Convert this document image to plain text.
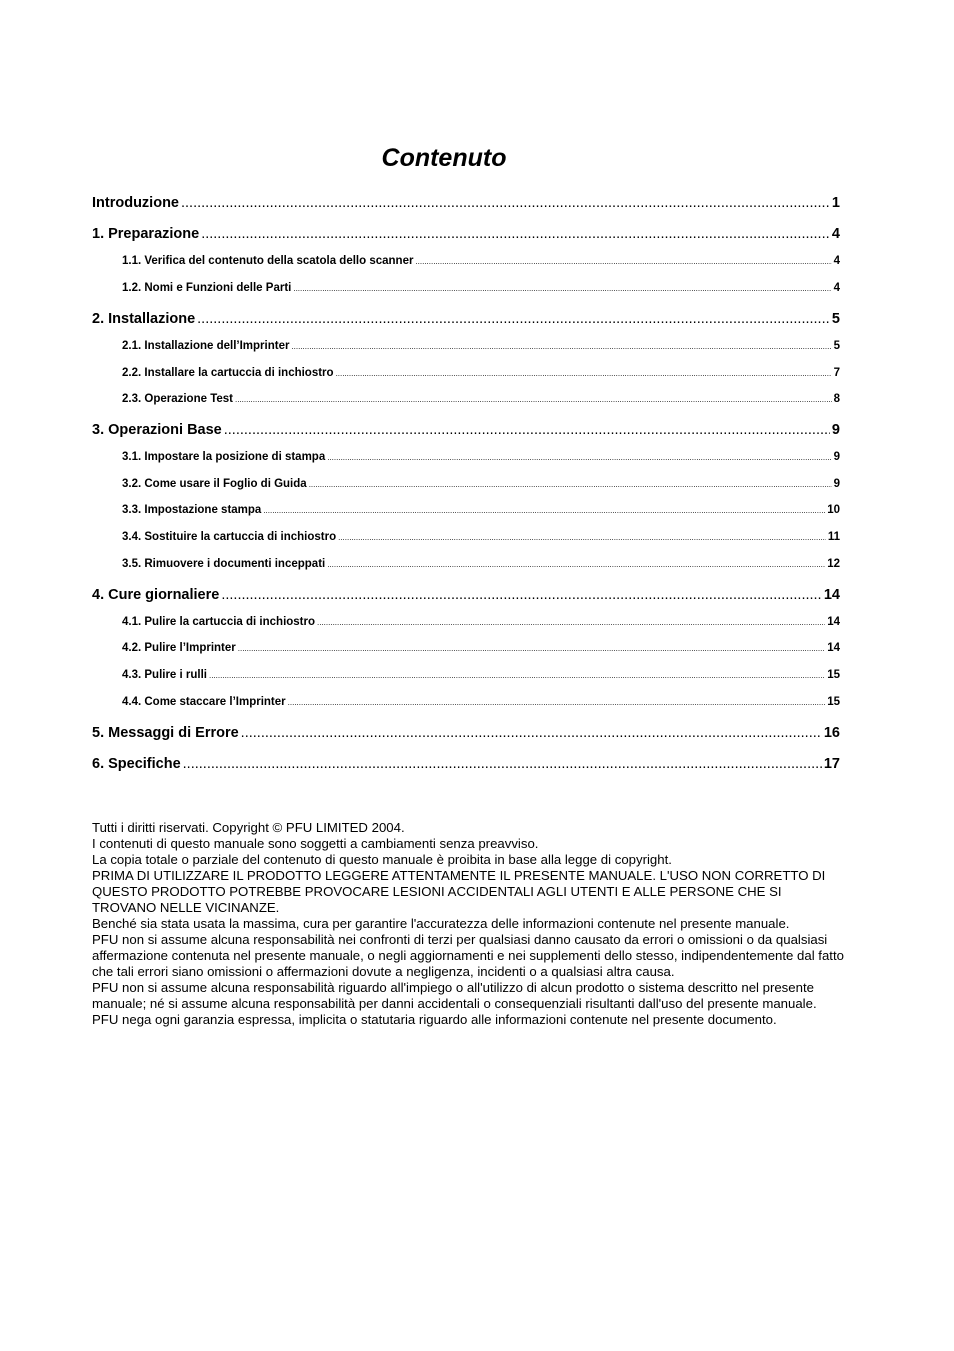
Contenuto
Introduzione .....	1
1. Preparazione .....	4
1.1. Verifica del contenuto della scatola dello scanner .....	4
1.2. Nomi e Funzioni delle Parti .....	4
2. Installazione .....	5
2.1. Installazione dell’Imprinter .....	5
2.2. Installare la cartuccia di inchiostro .....	7
2.3. Operazione Test .....	8
3. Operazioni Base .....	9
3.1. Impostare la posizione di stampa .....	9
3.2. Come usare il Foglio di Guida .....	9
3.3. Impostazione stampa .....	10
3.4. Sostituire la cartuccia di inchiostro .....	11
3.5. Rimuovere i documenti inceppati .....	12
4. Cure giornaliere .....	14
4.1. Pulire la cartuccia di inchiostro .....	14
4.2. Pulire l’Imprinter .....	14
4.3. Pulire i rulli .....	15
4.4. Come staccare l’Imprinter .....	15
5. Messaggi di Errore .....	16
6. Specifiche .....	17

Tutti i diritti riservati. Copyright © PFU LIMITED 2004.

I contenuti di questo manuale sono soggetti a cambiamenti senza preavviso.

La copia totale o parziale del contenuto di questo manuale è proibita in base alla legge di copyright.

PRIMA DI UTILIZZARE IL PRODOTTO LEGGERE ATTENTAMENTE IL PRESENTE MANUALE. L'USO NON CORRETTO DI QUESTO PRODOTTO POTREBBE PROVOCARE LESIONI ACCIDENTALI AGLI UTENTI E ALLE PERSONE CHE SI TROVANO NELLE VICINANZE.

Benché sia stata usata la massima, cura per garantire l'accuratezza delle informazioni contenute nel presente manuale.

PFU non si assume alcuna responsabilità nei confronti di terzi per qualsiasi danno causato da errori o omissioni o da qualsiasi affermazione contenuta nel presente manuale, o negli aggiornamenti e nei supplementi dello stesso, indipendentemente dal fatto che tali errori siano omissioni o affermazioni dovute a negligenza, incidenti o a qualsiasi altra causa.

PFU non si assume alcuna responsabilità riguardo all'impiego o all'utilizzo di alcun prodotto o sistema descritto nel presente manuale; né si assume alcuna responsabilità per danni accidentali o consequenziali risultanti dall'uso del presente manuale. PFU nega ogni garanzia espressa, implicita o statutaria riguardo alle informazioni contenute nel presente documento.
